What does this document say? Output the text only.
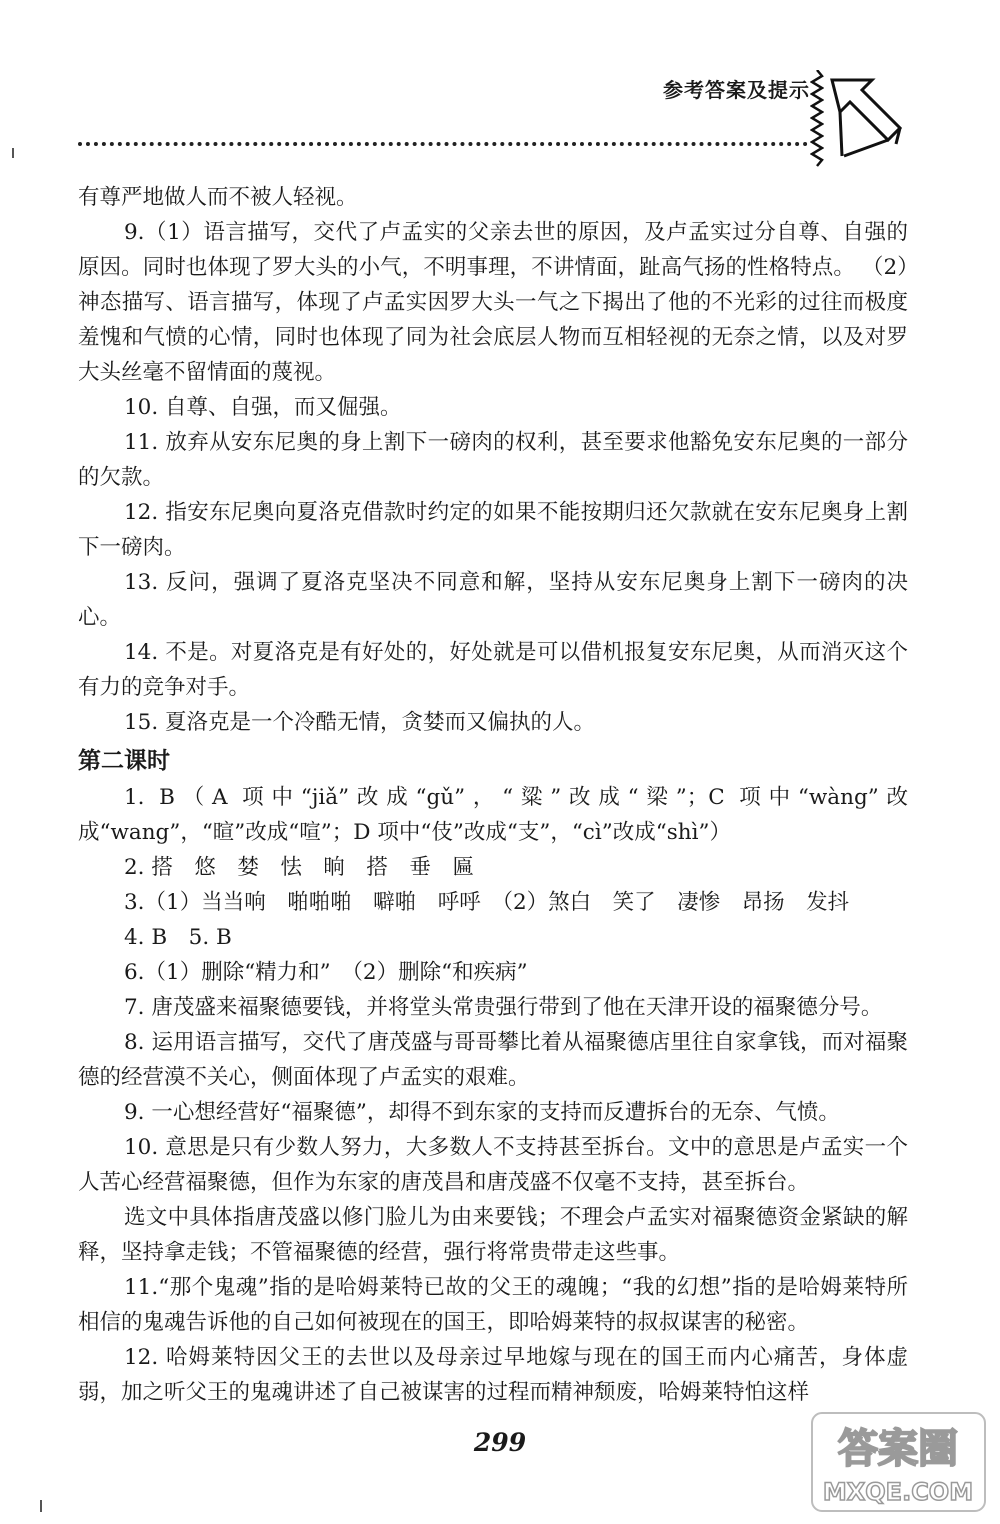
参考答案及提示

有尊严地做人而不被人轻视。

9.（1）语言描写，交代了卢孟实的父亲去世的原因，及卢孟实过分自尊、自强的原因。同时也体现了罗大头的小气，不明事理，不讲情面，趾高气扬的性格特点。 （2）神态描写、语言描写，体现了卢孟实因罗大头一气之下揭出了他的不光彩的过往而极度羞愧和气愤的心情，同时也体现了同为社会底层人物而互相轻视的无奈之情，以及对罗大头丝毫不留情面的蔑视。

10. 自尊、自强，而又倔强。

11. 放弃从安东尼奥的身上割下一磅肉的权利，甚至要求他豁免安东尼奥的一部分的欠款。

12. 指安东尼奥向夏洛克借款时约定的如果不能按期归还欠款就在安东尼奥身上割下一磅肉。

13. 反问，强调了夏洛克坚决不同意和解，坚持从安东尼奥身上割下一磅肉的决心。

14. 不是。对夏洛克是有好处的，好处就是可以借机报复安东尼奥，从而消灭这个有力的竞争对手。

15. 夏洛克是一个冷酷无情，贪婪而又偏执的人。

第二课时

1. B（A 项中“jiǎ”改成“gǔ”，“粱”改成“梁”；C 项中“wàng”改成“wang”，“暄”改成“喧”；D 项中“伎”改成“支”，“cì”改成“shì”）

2. 搭　悠　婪　怯　晌　搭　垂　匾

3.（1）当当响　啪啪啪　噼啪　呼呼　（2）煞白　笑了　凄惨　昂扬　发抖

4. B　5. B

6.（1）删除“精力和”　（2）删除“和疾病”

7. 唐茂盛来福聚德要钱，并将堂头常贵强行带到了他在天津开设的福聚德分号。

8. 运用语言描写，交代了唐茂盛与哥哥攀比着从福聚德店里往自家拿钱，而对福聚德的经营漠不关心，侧面体现了卢孟实的艰难。

9. 一心想经营好“福聚德”，却得不到东家的支持而反遭拆台的无奈、气愤。

10. 意思是只有少数人努力，大多数人不支持甚至拆台。文中的意思是卢孟实一个人苦心经营福聚德，但作为东家的唐茂昌和唐茂盛不仅毫不支持，甚至拆台。

选文中具体指唐茂盛以修门脸儿为由来要钱；不理会卢孟实对福聚德资金紧缺的解释，坚持拿走钱；不管福聚德的经营，强行将常贵带走这些事。

11.“那个鬼魂”指的是哈姆莱特已故的父王的魂魄；“我的幻想”指的是哈姆莱特所相信的鬼魂告诉他的自己如何被现在的国王，即哈姆莱特的叔叔谋害的秘密。

12. 哈姆莱特因父王的去世以及母亲过早地嫁与现在的国王而内心痛苦，身体虚弱，加之听父王的鬼魂讲述了自己被谋害的过程而精神颓废，哈姆莱特怕这样

299	答案圈
MXQE.COM
